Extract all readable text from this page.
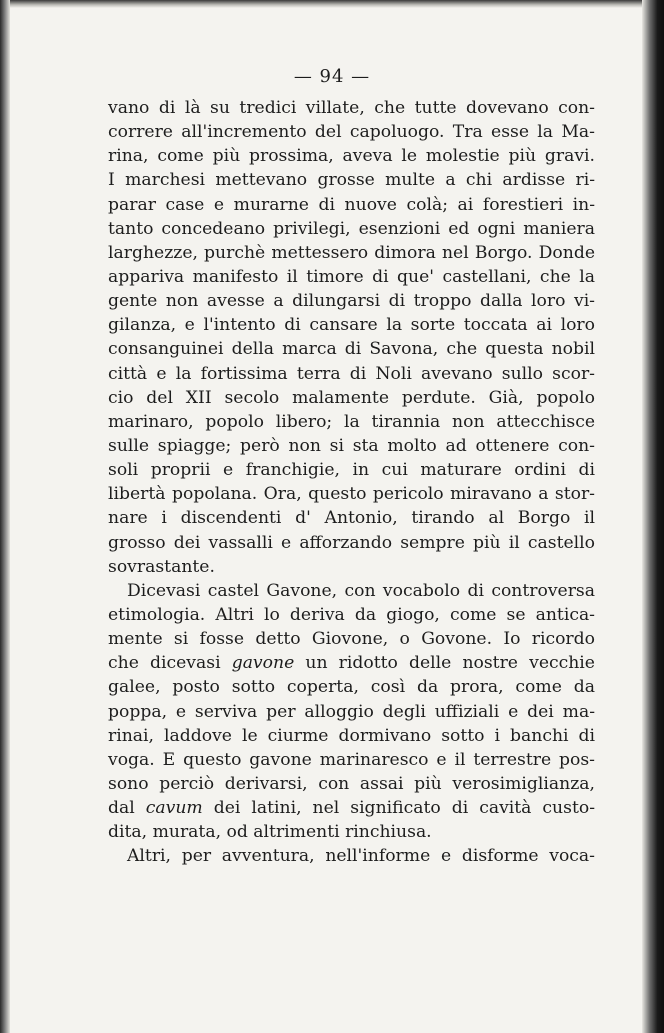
— 94 —
vano di là su tredici villate, che tutte dovevano con-
correre all'incremento del capoluogo. Tra esse la Ma-
rina, come più prossima, aveva le molestie più gravi.
I marchesi mettevano grosse multe a chi ardisse ri-
parar case e murarne di nuove colà; ai forestieri in-
tanto concedeano privilegi, esenzioni ed ogni maniera
larghezze, purchè mettessero dimora nel Borgo. Donde
appariva manifesto il timore di que' castellani, che la
gente non avesse a dilungarsi di troppo dalla loro vi-
gilanza, e l'intento di cansare la sorte toccata ai loro
consanguinei della marca di Savona, che questa nobil
città e la fortissima terra di Noli avevano sullo scor-
cio del XII secolo malamente perdute. Già, popolo
marinaro, popolo libero; la tirannia non attecchisce
sulle spiagge; però non si sta molto ad ottenere con-
soli proprii e franchigie, in cui maturare ordini di
libertà popolana. Ora, questo pericolo miravano a stor-
nare i discendenti d' Antonio, tirando al Borgo il
grosso dei vassalli e afforzando sempre più il castello
sovrastante.
Dicevasi castel Gavone, con vocabolo di controversa
etimologia. Altri lo deriva da giogo, come se antica-
mente si fosse detto Giovone, o Govone. Io ricordo
che dicevasi gavone un ridotto delle nostre vecchie
galee, posto sotto coperta, così da prora, come da
poppa, e serviva per alloggio degli uffiziali e dei ma-
rinai, laddove le ciurme dormivano sotto i banchi di
voga. E questo gavone marinaresco e il terrestre pos-
sono perciò derivarsi, con assai più verosimiglianza,
dal cavum dei latini, nel significato di cavità custo-
dita, murata, od altrimenti rinchiusa.
Altri, per avventura, nell'informe e disforme voca-
